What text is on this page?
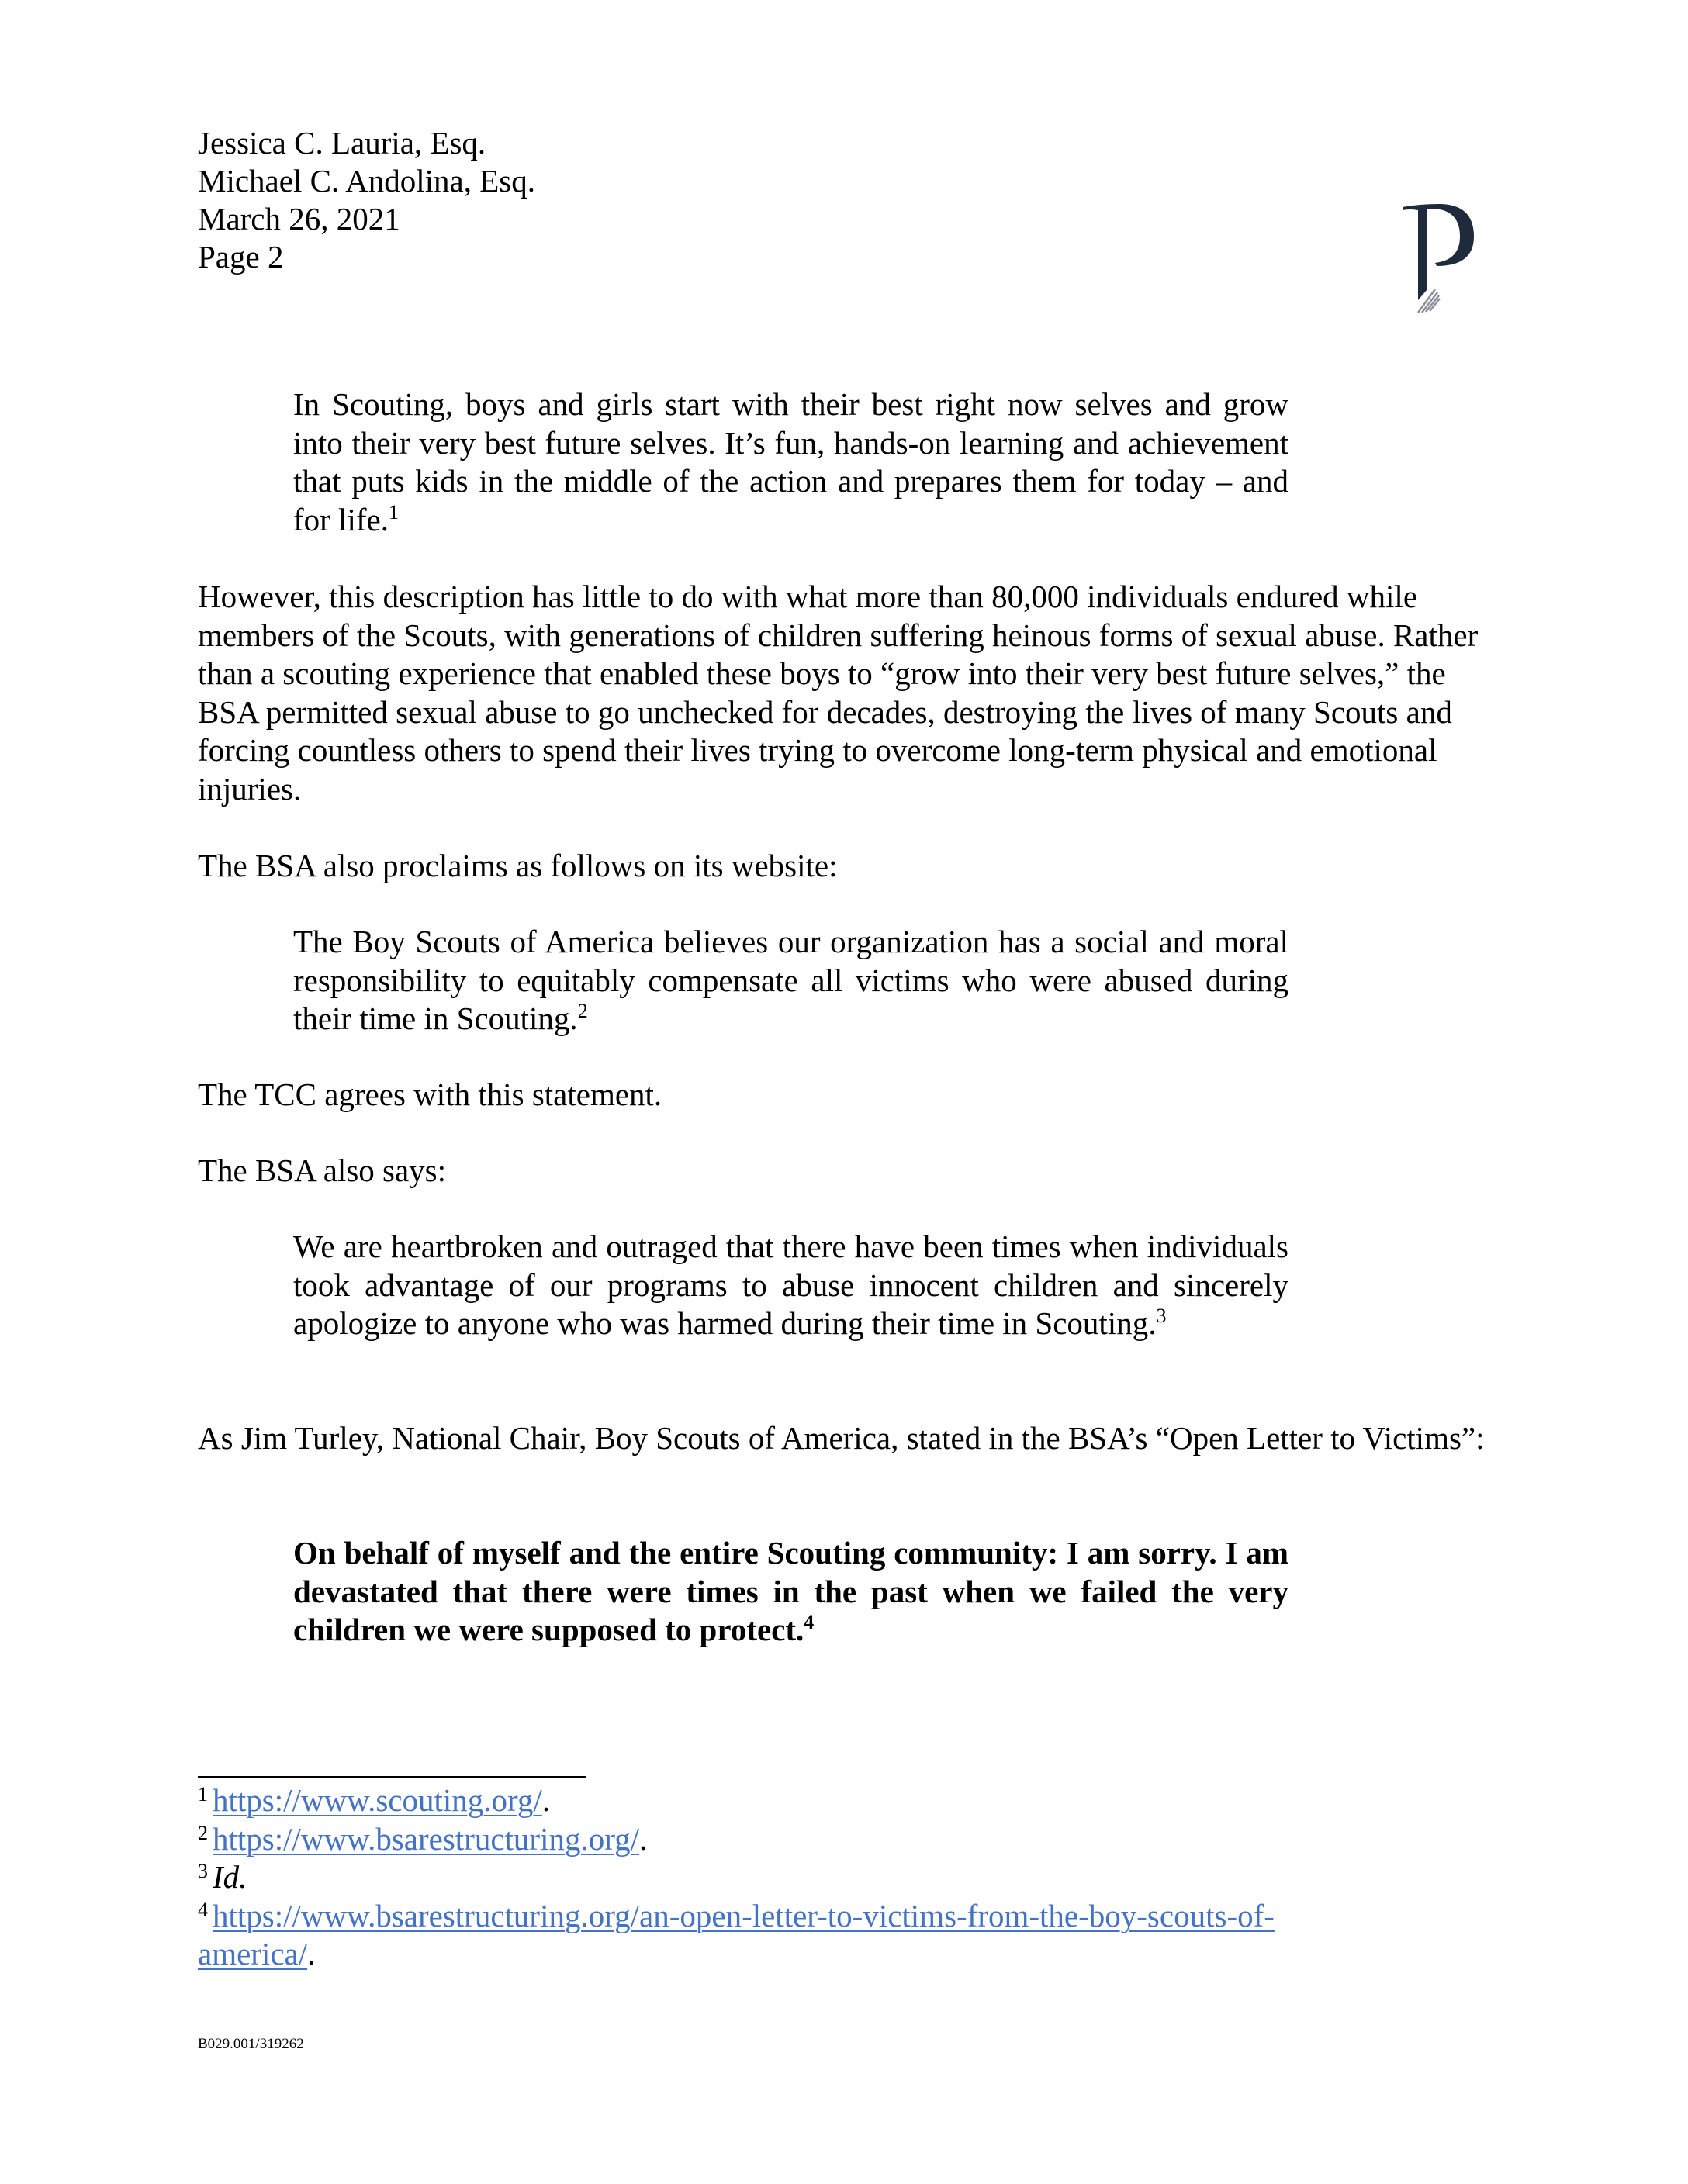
Jessica C. Lauria, Esq.
Michael C. Andolina, Esq.
March 26, 2021
Page 2
In Scouting, boys and girls start with their best right now selves and grow into their very best future selves. It’s fun, hands-on learning and achievement that puts kids in the middle of the action and prepares them for today – and for life.$^1$
However, this description has little to do with what more than 80,000 individuals endured while members of the Scouts, with generations of children suffering heinous forms of sexual abuse. Rather than a scouting experience that enabled these boys to “grow into their very best future selves,” the BSA permitted sexual abuse to go unchecked for decades, destroying the lives of many Scouts and forcing countless others to spend their lives trying to overcome long-term physical and emotional injuries.
The BSA also proclaims as follows on its website:
The Boy Scouts of America believes our organization has a social and moral responsibility to equitably compensate all victims who were abused during their time in Scouting.$^2$
The TCC agrees with this statement.
The BSA also says:
We are heartbroken and outraged that there have been times when individuals took advantage of our programs to abuse innocent children and sincerely apologize to anyone who was harmed during their time in Scouting.$^3$
As Jim Turley, National Chair, Boy Scouts of America, stated in the BSA’s “Open Letter to Victims”:
On behalf of myself and the entire Scouting community: I am sorry. I am devastated that there were times in the past when we failed the very children we were supposed to protect.$^4$
$^1$ https://www.scouting.org/.
$^2$ https://www.bsarestructuring.org/.
$^3$ Id.
$^4$ https://www.bsarestructuring.org/an-open-letter-to-victims-from-the-boy-scouts-of-
america/.
B029.001/319262
